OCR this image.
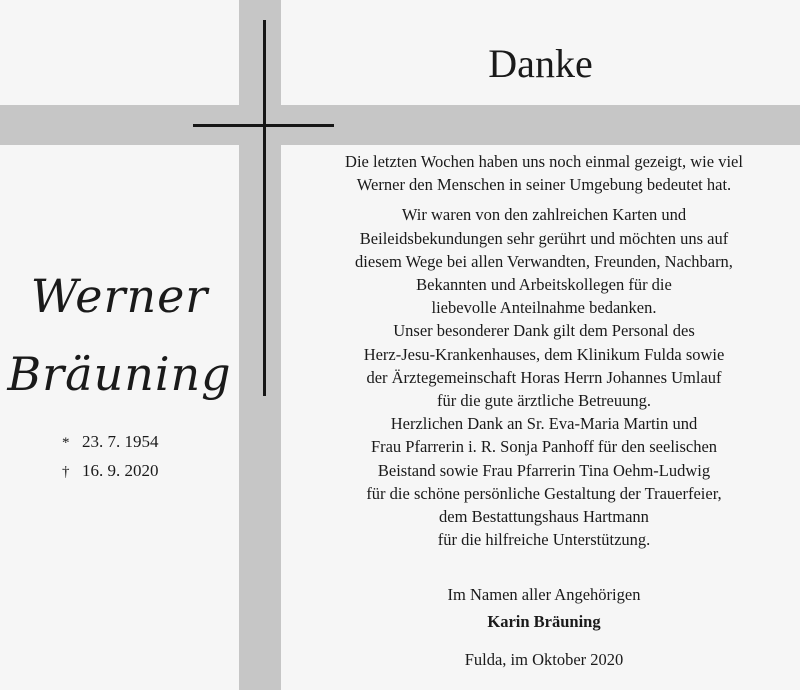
Danke
Werner
Bräuning
* 23. 7. 1954
† 16. 9. 2020

Die letzten Wochen haben uns noch einmal gezeigt, wie viel
Werner den Menschen in seiner Umgebung bedeutet hat.

Wir waren von den zahlreichen Karten und
Beileidsbekundungen sehr gerührt und möchten uns auf
diesem Wege bei allen Verwandten, Freunden, Nachbarn,
Bekannten und Arbeitskollegen für die
liebevolle Anteilnahme bedanken.

Unser besonderer Dank gilt dem Personal des
Herz-Jesu-Krankenhauses, dem Klinikum Fulda sowie
der Ärztegemeinschaft Horas Herrn Johannes Umlauf
für die gute ärztliche Betreuung.
Herzlichen Dank an Sr. Eva-Maria Martin und
Frau Pfarrerin i. R. Sonja Panhoff für den seelischen
Beistand sowie Frau Pfarrerin Tina Oehm-Ludwig
für die schöne persönliche Gestaltung der Trauerfeier,
dem Bestattungshaus Hartmann
für die hilfreiche Unterstützung.

Im Namen aller Angehörigen
Karin Bräuning
Fulda, im Oktober 2020
